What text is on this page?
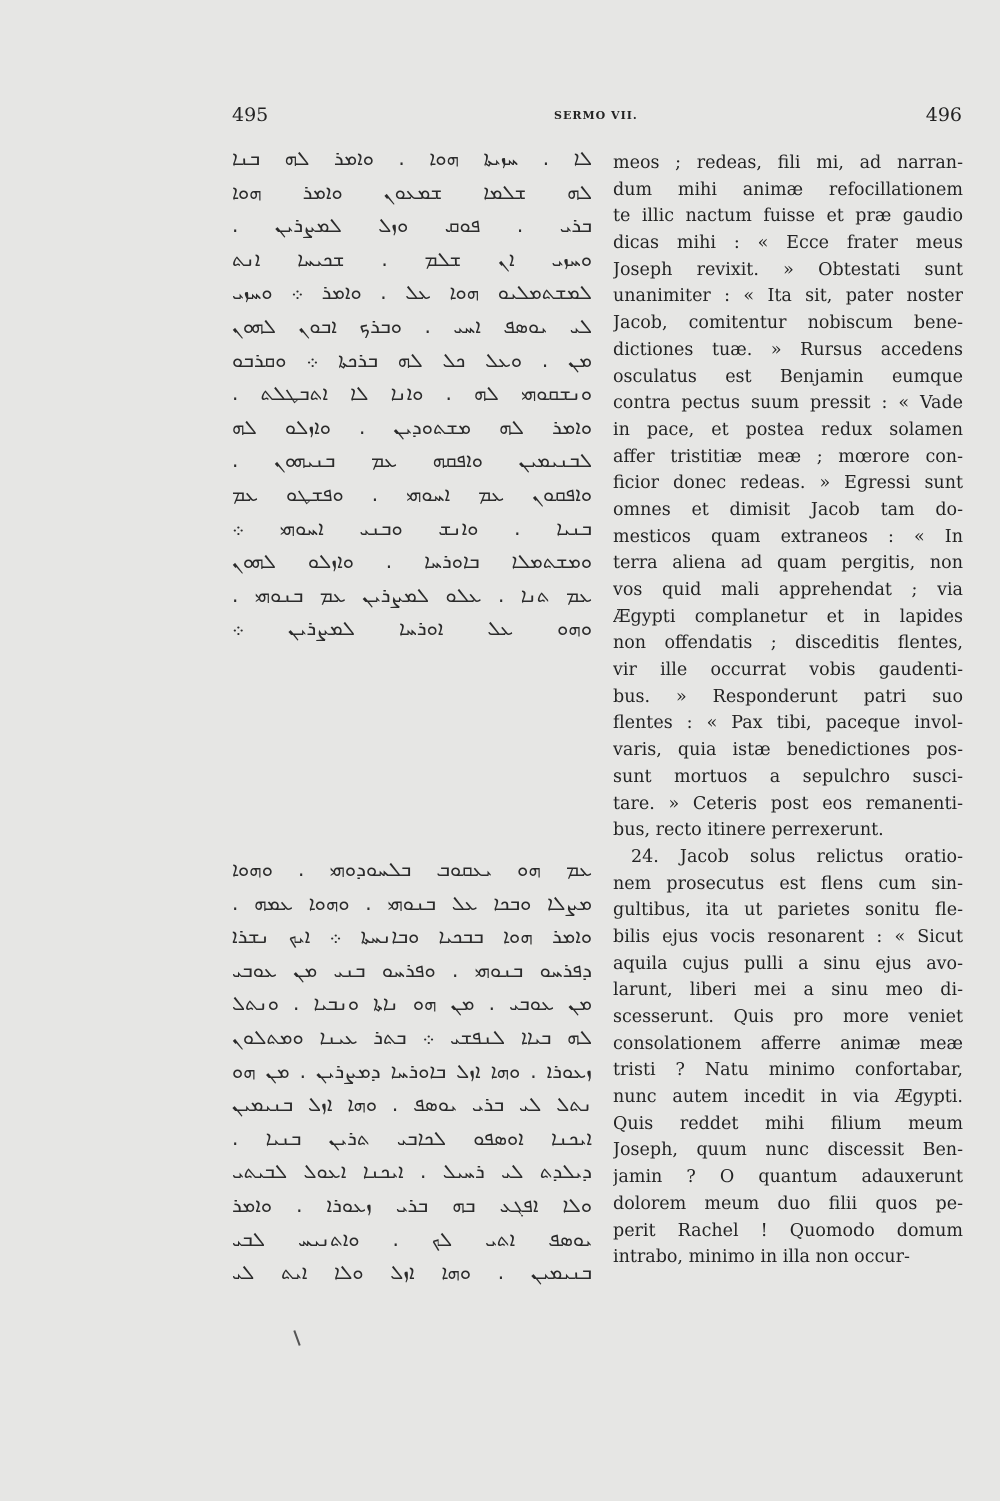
495	SERMO VII.	496
ܠܐ . ܚܙܝܬܐ ܗܘܐ . ܘܐܡܪ ܠܗ ܒܢܐ
ܠܗ ܫܠܡܐ ܫܡܥܘܢ ܘܐܡܪ ܗܘܐ
ܒܪܝ . ܦܘܩ ܘܙܠ ܠܡܨܪܝܢ .
ܘܚܙܝ ܐܢ ܫܠܡ . ܫܟܝܚܐ ܐܢܬ
ܠܡܫܬܡܠܝܘ ܗܘܐ ܥܠ . ܘܐܡܪ ܀ ܘܚܙܝ
ܠܝ ܝܘܣܦ ܐܚܝ . ܘܒܪܟ ܐܒܘܢ ܠܗܘܢ
ܡܢ . ܘܥܠ ܟܠ ܠܗ ܒܪܟܬܐ ܀ ܘܩܪܒܘ
ܘܢܫܩܘܗܝ ܠܗ . ܘܐܢܐ ܠܐ ܐܬܒܛܠܬ .
ܘܐܡܪ ܠܗ ܡܫܬܘܕܝܢ . ܘܐܙܠܘ ܠܗ
ܠܒܢܝܡܝܢ ܘܐܦܩܗ ܥܡ ܒܢܝܗܘܢ .
ܘܐܦܩܘܢ ܥܡ ܐܚܘܗܝ . ܘܦܫܛܘ ܥܡ
ܒܢܝܐ . ܘܐܢܫ ܘܒܢܝ ܐܚܘܗܝ ܀
ܘܡܫܬܡܠܐ ܒܐܘܪܚܐ . ܘܐܙܠܘ ܠܗܘܢ
ܥܡ ܬܢܐ . ܥܠܘ ܠܡܨܪܝܢ ܥܡ ܒܢܘܗܝ .
ܘܗܘ ܥܠ ܐܘܪܚܐ ܠܡܨܪܝܢ ܀
ܥܡ ܗܘ ܝܥܩܘܒ ܒܠܚܘܕܘܗܝ . ܘܗܘܐ
ܡܨܠܐ ܘܒܟܐ ܥܠ ܒܢܘܗܝ . ܘܗܘܐ ܥܡܗ .
ܘܐܡܪ ܗܘܐ ܒܒܟܝܐ ܘܒܐܢܚܬܐ ܀ ܐܝܟ ܢܫܪܐ
ܕܦܪܚܘ ܒܢܘܗܝ . ܘܦܪܚܘ ܒܢܝ ܡܢ ܥܘܒܝ
ܡܢ ܥܘܒܝ . ܡܢ ܗܘ ܢܐܬܐ ܘܢܒܝܐ . ܘܢܬܠ
ܠܗ ܒܝܐܐ ܠܢܦܫܝ ܀ ܒܬܪ ܥܝܢܐ ܘܡܬܠܘܢ
ܙܥܘܪܐ . ܘܗܐ ܐܙܠ ܒܐܘܪܚܐ ܕܡܨܪܝܢ . ܡܢ ܗܘ
ܢܬܠ ܠܝ ܒܪܝ ܝܘܣܦ . ܘܗܐ ܐܙܠ ܒܢܝܡܝܢ
ܐܝܟܢܐ ܐܘܣܦܘ ܠܟܐܒܝ ܬܪܝܢ ܒܢܝܐ .
ܕܝܠܕܬ ܠܝ ܪܚܝܠ . ܐܝܟܢܐ ܐܥܘܠ ܠܒܝܬܝ
ܘܠܐ ܐܦܓܥ ܒܗ ܒܪܝ ܙܥܘܪܐ . ܘܐܡܪ
ܝܘܣܦ ܐܬܝ ܠܟ . ܘܐܬܢܝܚ ܠܒܝ
ܒܢܝܡܝܢ . ܘܗܐ ܐܙܠ ܘܠܐ ܐܝܬ ܠܝ
meos ; redeas, fili mi, ad narran-
dum mihi animæ refocillationem
te illic nactum fuisse et præ gaudio
dicas mihi : « Ecce frater meus
Joseph revixit. » Obtestati sunt
unanimiter : « Ita sit, pater noster
Jacob, comitentur nobiscum bene-
dictiones tuæ. » Rursus accedens
osculatus est Benjamin eumque
contra pectus suum pressit : « Vade
in pace, et postea redux solamen
affer tristitiæ meæ ; mœrore con-
ficior donec redeas. » Egressi sunt
omnes et dimisit Jacob tam do-
mesticos quam extraneos : « In
terra aliena ad quam pergitis, non
vos quid mali apprehendat ; via
Ægypti complanetur et in lapides
non offendatis ; disceditis flentes,
vir ille occurrat vobis gaudenti-
bus. » Responderunt patri suo
flentes : « Pax tibi, paceque invol-
varis, quia istæ benedictiones pos-
sunt mortuos a sepulchro susci-
tare. » Ceteris post eos remanenti-
bus, recto itinere perrexerunt.
24. Jacob solus relictus oratio-
nem prosecutus est flens cum sin-
gultibus, ita ut parietes sonitu fle-
bilis ejus vocis resonarent : « Sicut
aquila cujus pulli a sinu ejus avo-
larunt, liberi mei a sinu meo di-
scesserunt. Quis pro more veniet
consolationem afferre animæ meæ
tristi ? Natu minimo confortabar,
nunc autem incedit in via Ægypti.
Quis reddet mihi filium meum
Joseph, quum nunc discessit Ben-
jamin ? O quantum adauxerunt
dolorem meum duo filii quos pe-
perit Rachel ! Quomodo domum
intrabo, minimo in illa non occur-
